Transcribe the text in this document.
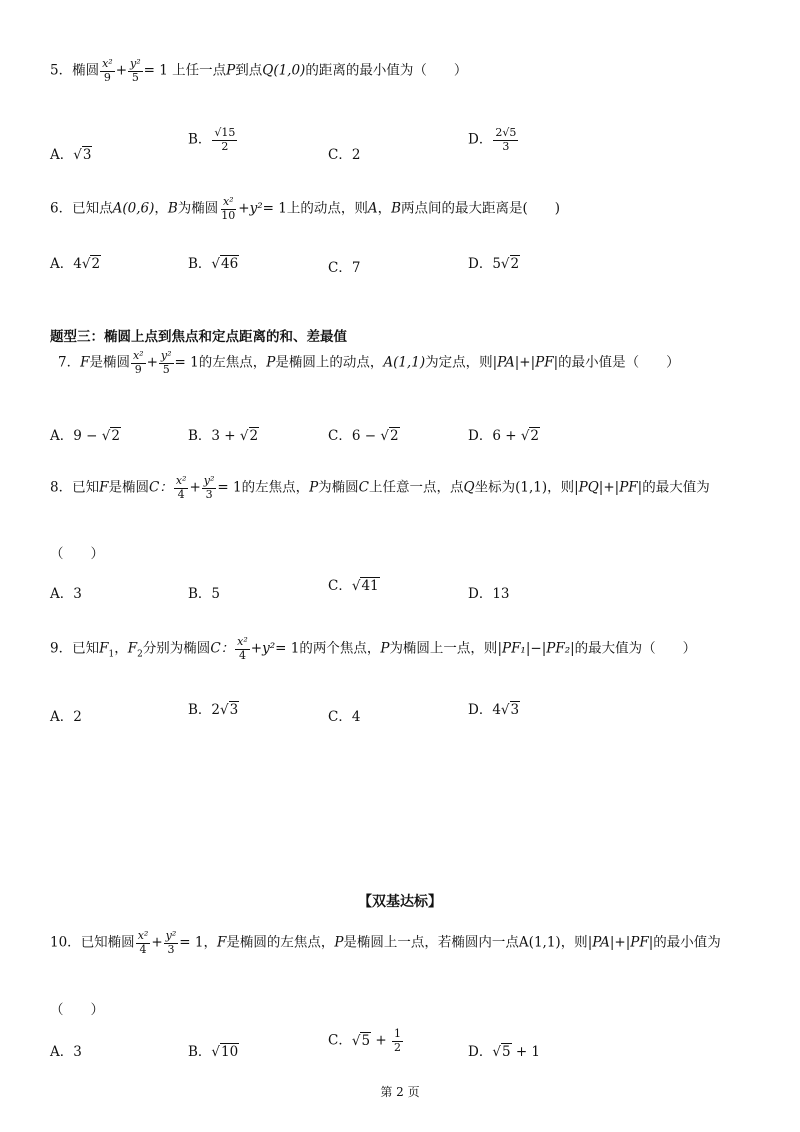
5．椭圆 $\frac{\text{x²}}{9} + \frac{\text{y²}}{5} = 1$ 上任一点P到点Q(1,0)的距离的最小值为（　　）
A．√3
B． $\frac{√15}{2}$
C．2
D． $\frac{2√5}{3}$
6．已知点A(0,6)，B为椭圆 $\frac{\text{x²}}{10} +y^2= 1$上的动点，则A，B两点间的最大距离是(　　)
A．4√2	B．√46	C．7	D．5√2
题型三：椭圆上点到焦点和定点距离的和、差最值
7．F是椭圆 $\frac{\text{x²}}{9} + \frac{\text{y²}}{5} = 1$的左焦点，P是椭圆上的动点，A(1,1)为定点，则|PA|+|PF|的最小值是（　　）
A．9 − √2	B．3 + √2	C．6 − √2	D．6 + √2
8．已知F是椭圆C： $\frac{\text{x²}}{4} + \frac{\text{y²}}{3} = 1$的左焦点，P为椭圆C上任意一点，点Q坐标为(1,1)，则|PQ|+|PF|的最大值为
（　　）
A．3	B．5	C．√41	D．13
9．已知$F_1$，$F_2$分别为椭圆C： $\frac{\text{x²}}{4} +y^2= 1$的两个焦点，P为椭圆上一点，则|PF₁|−|PF₂|的最大值为（　　）
A．2	B．2√3	C．4	D．4√3
【双基达标】
10．已知椭圆 $\frac{\text{x²}}{4} + \frac{\text{y²}}{3} = 1$，F是椭圆的左焦点，P是椭圆上一点，若椭圆内一点A(1,1)，则|PA|+|PF|的最小值为
（　　）
A．3	B．√10
C．$√5 + \frac{1}{2}$	D．√5 + 1
第 2 页
